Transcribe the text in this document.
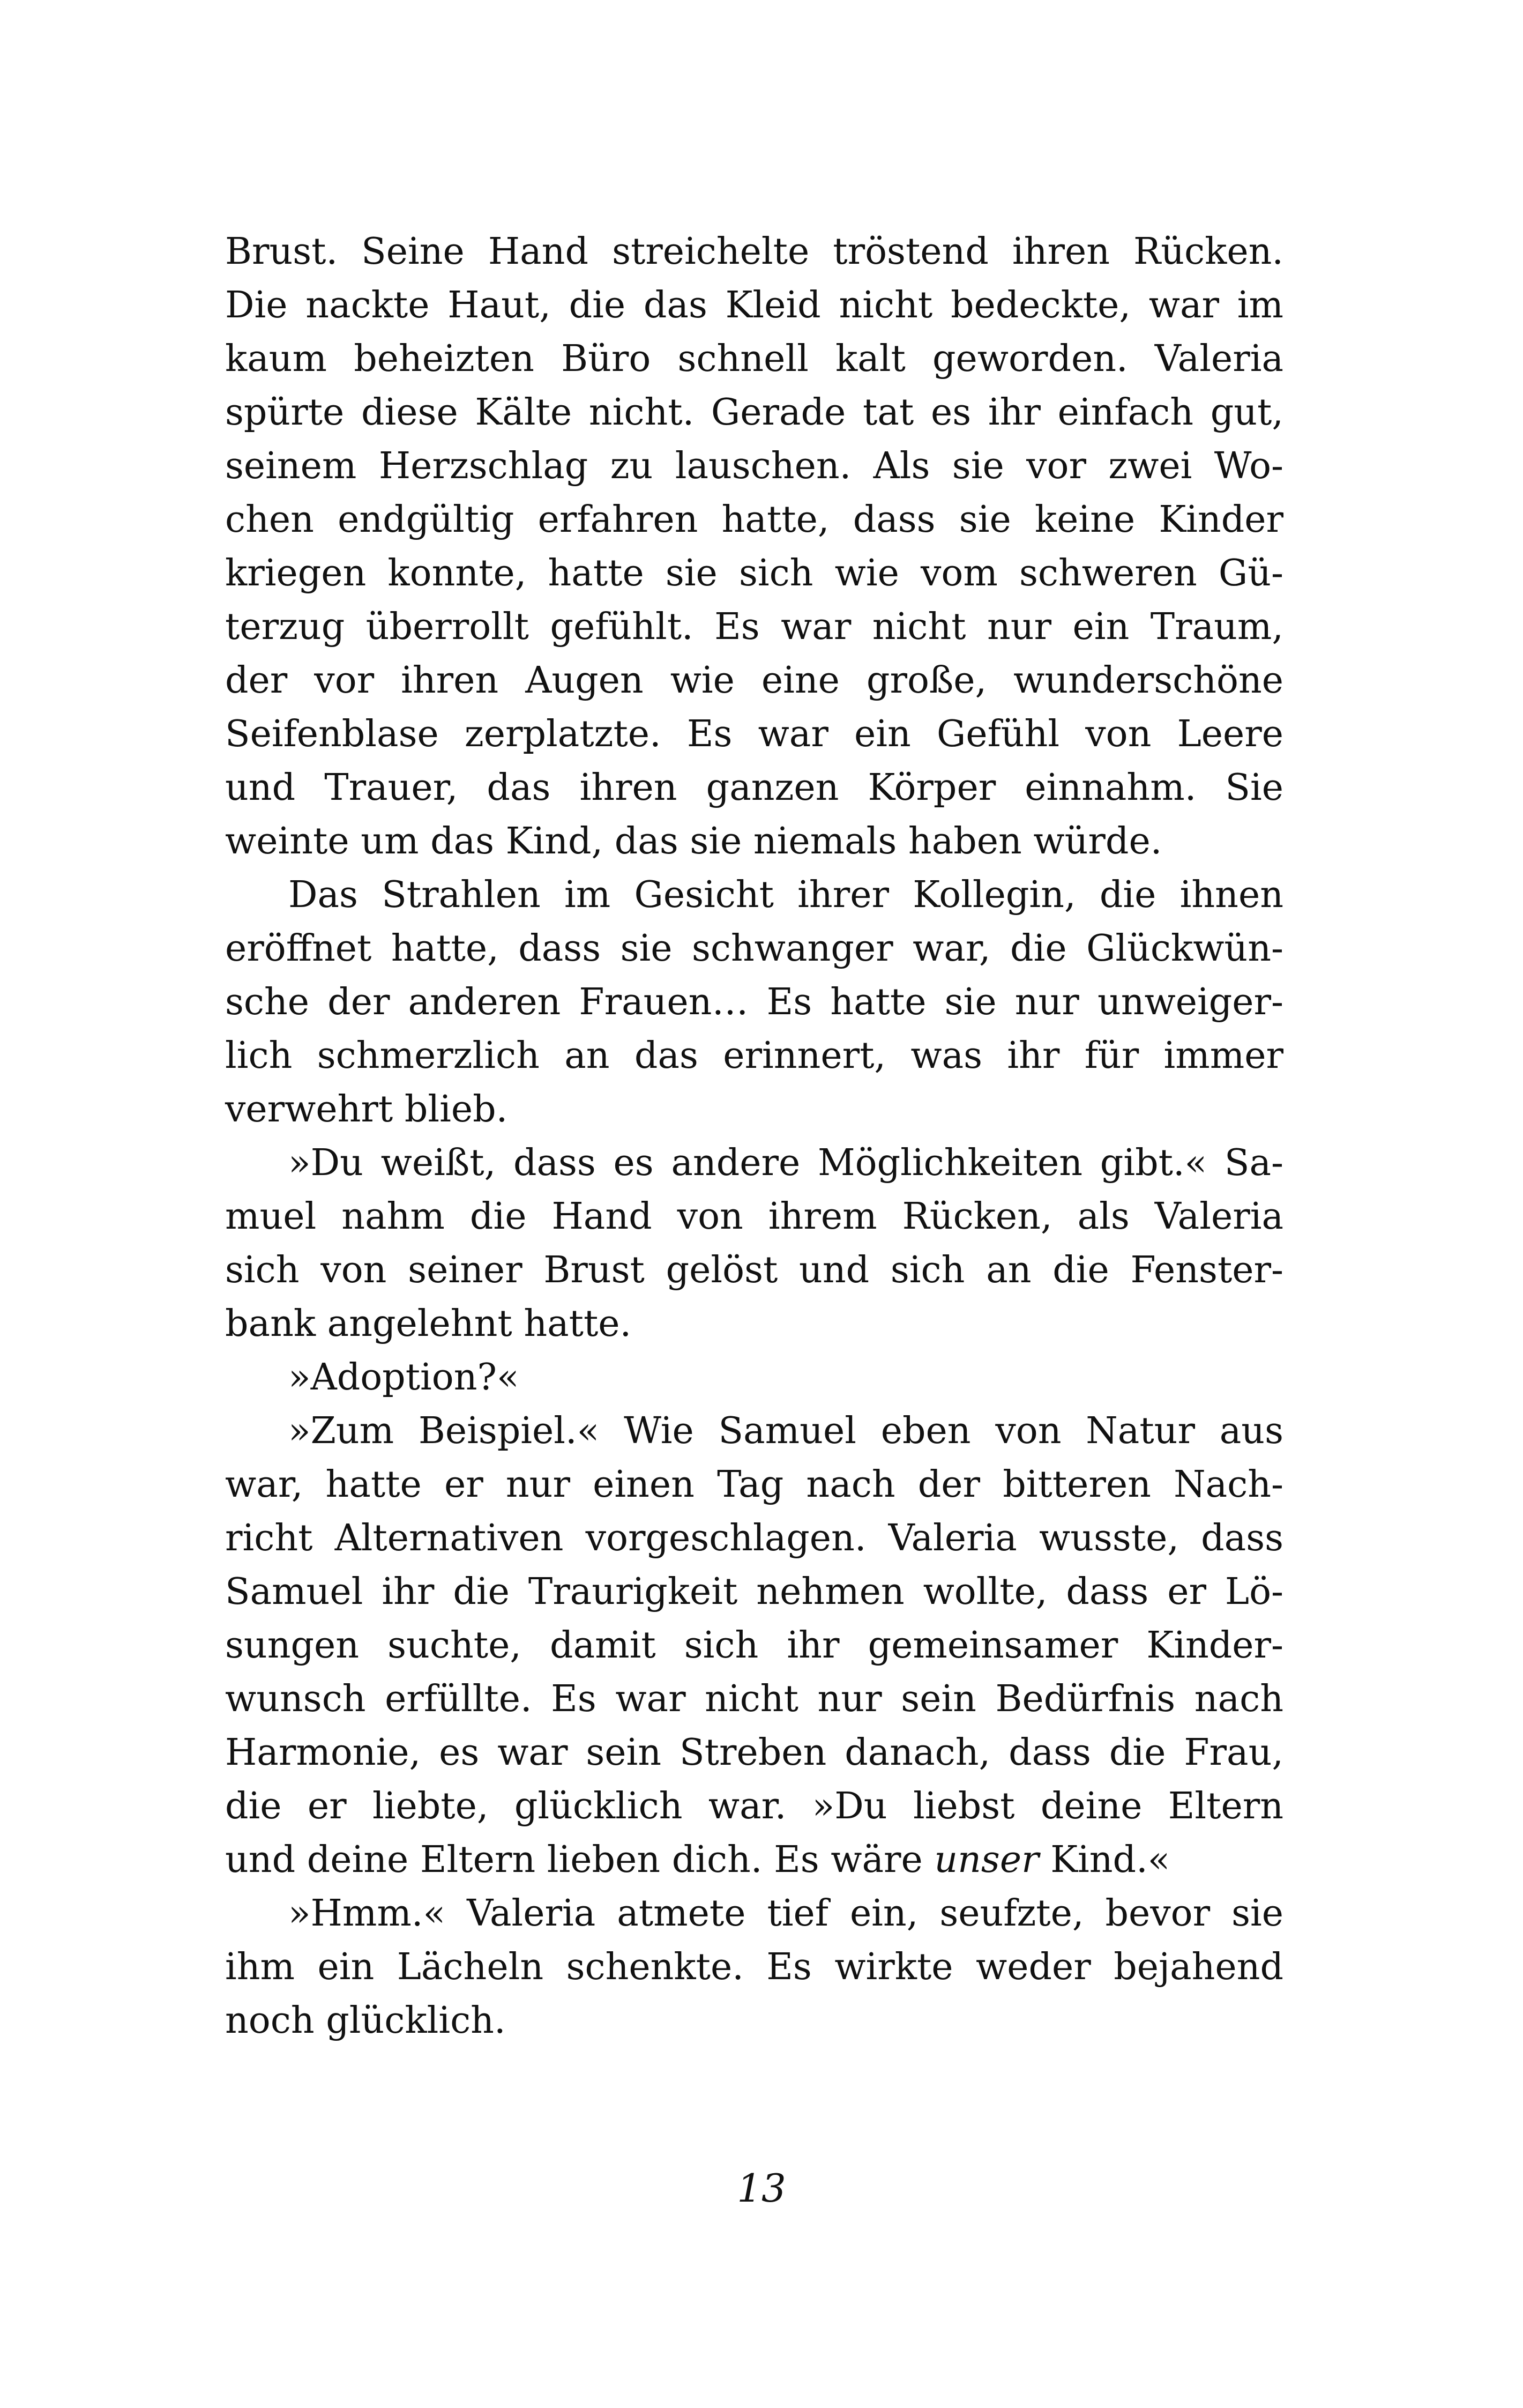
Brust. Seine Hand streichelte tröstend ihren Rücken.
Die nackte Haut, die das Kleid nicht bedeckte, war im
kaum beheizten Büro schnell kalt geworden. Valeria
spürte diese Kälte nicht. Gerade tat es ihr einfach gut,
seinem Herzschlag zu lauschen. Als sie vor zwei Wo-
chen endgültig erfahren hatte, dass sie keine Kinder
kriegen konnte, hatte sie sich wie vom schweren Gü-
terzug überrollt gefühlt. Es war nicht nur ein Traum,
der vor ihren Augen wie eine große, wunderschöne
Seifenblase zerplatzte. Es war ein Gefühl von Leere
und Trauer, das ihren ganzen Körper einnahm. Sie
weinte um das Kind, das sie niemals haben würde.
Das Strahlen im Gesicht ihrer Kollegin, die ihnen
eröffnet hatte, dass sie schwanger war, die Glückwün-
sche der anderen Frauen… Es hatte sie nur unweiger-
lich schmerzlich an das erinnert, was ihr für immer
verwehrt blieb.
»Du weißt, dass es andere Möglichkeiten gibt.« Sa-
muel nahm die Hand von ihrem Rücken, als Valeria
sich von seiner Brust gelöst und sich an die Fenster-
bank angelehnt hatte.
»Adoption?«
»Zum Beispiel.« Wie Samuel eben von Natur aus
war, hatte er nur einen Tag nach der bitteren Nach-
richt Alternativen vorgeschlagen. Valeria wusste, dass
Samuel ihr die Traurigkeit nehmen wollte, dass er Lö-
sungen suchte, damit sich ihr gemeinsamer Kinder-
wunsch erfüllte. Es war nicht nur sein Bedürfnis nach
Harmonie, es war sein Streben danach, dass die Frau,
die er liebte, glücklich war. »Du liebst deine Eltern
und deine Eltern lieben dich. Es wäre unser Kind.«
»Hmm.« Valeria atmete tief ein, seufzte, bevor sie
ihm ein Lächeln schenkte. Es wirkte weder bejahend
noch glücklich.
13
